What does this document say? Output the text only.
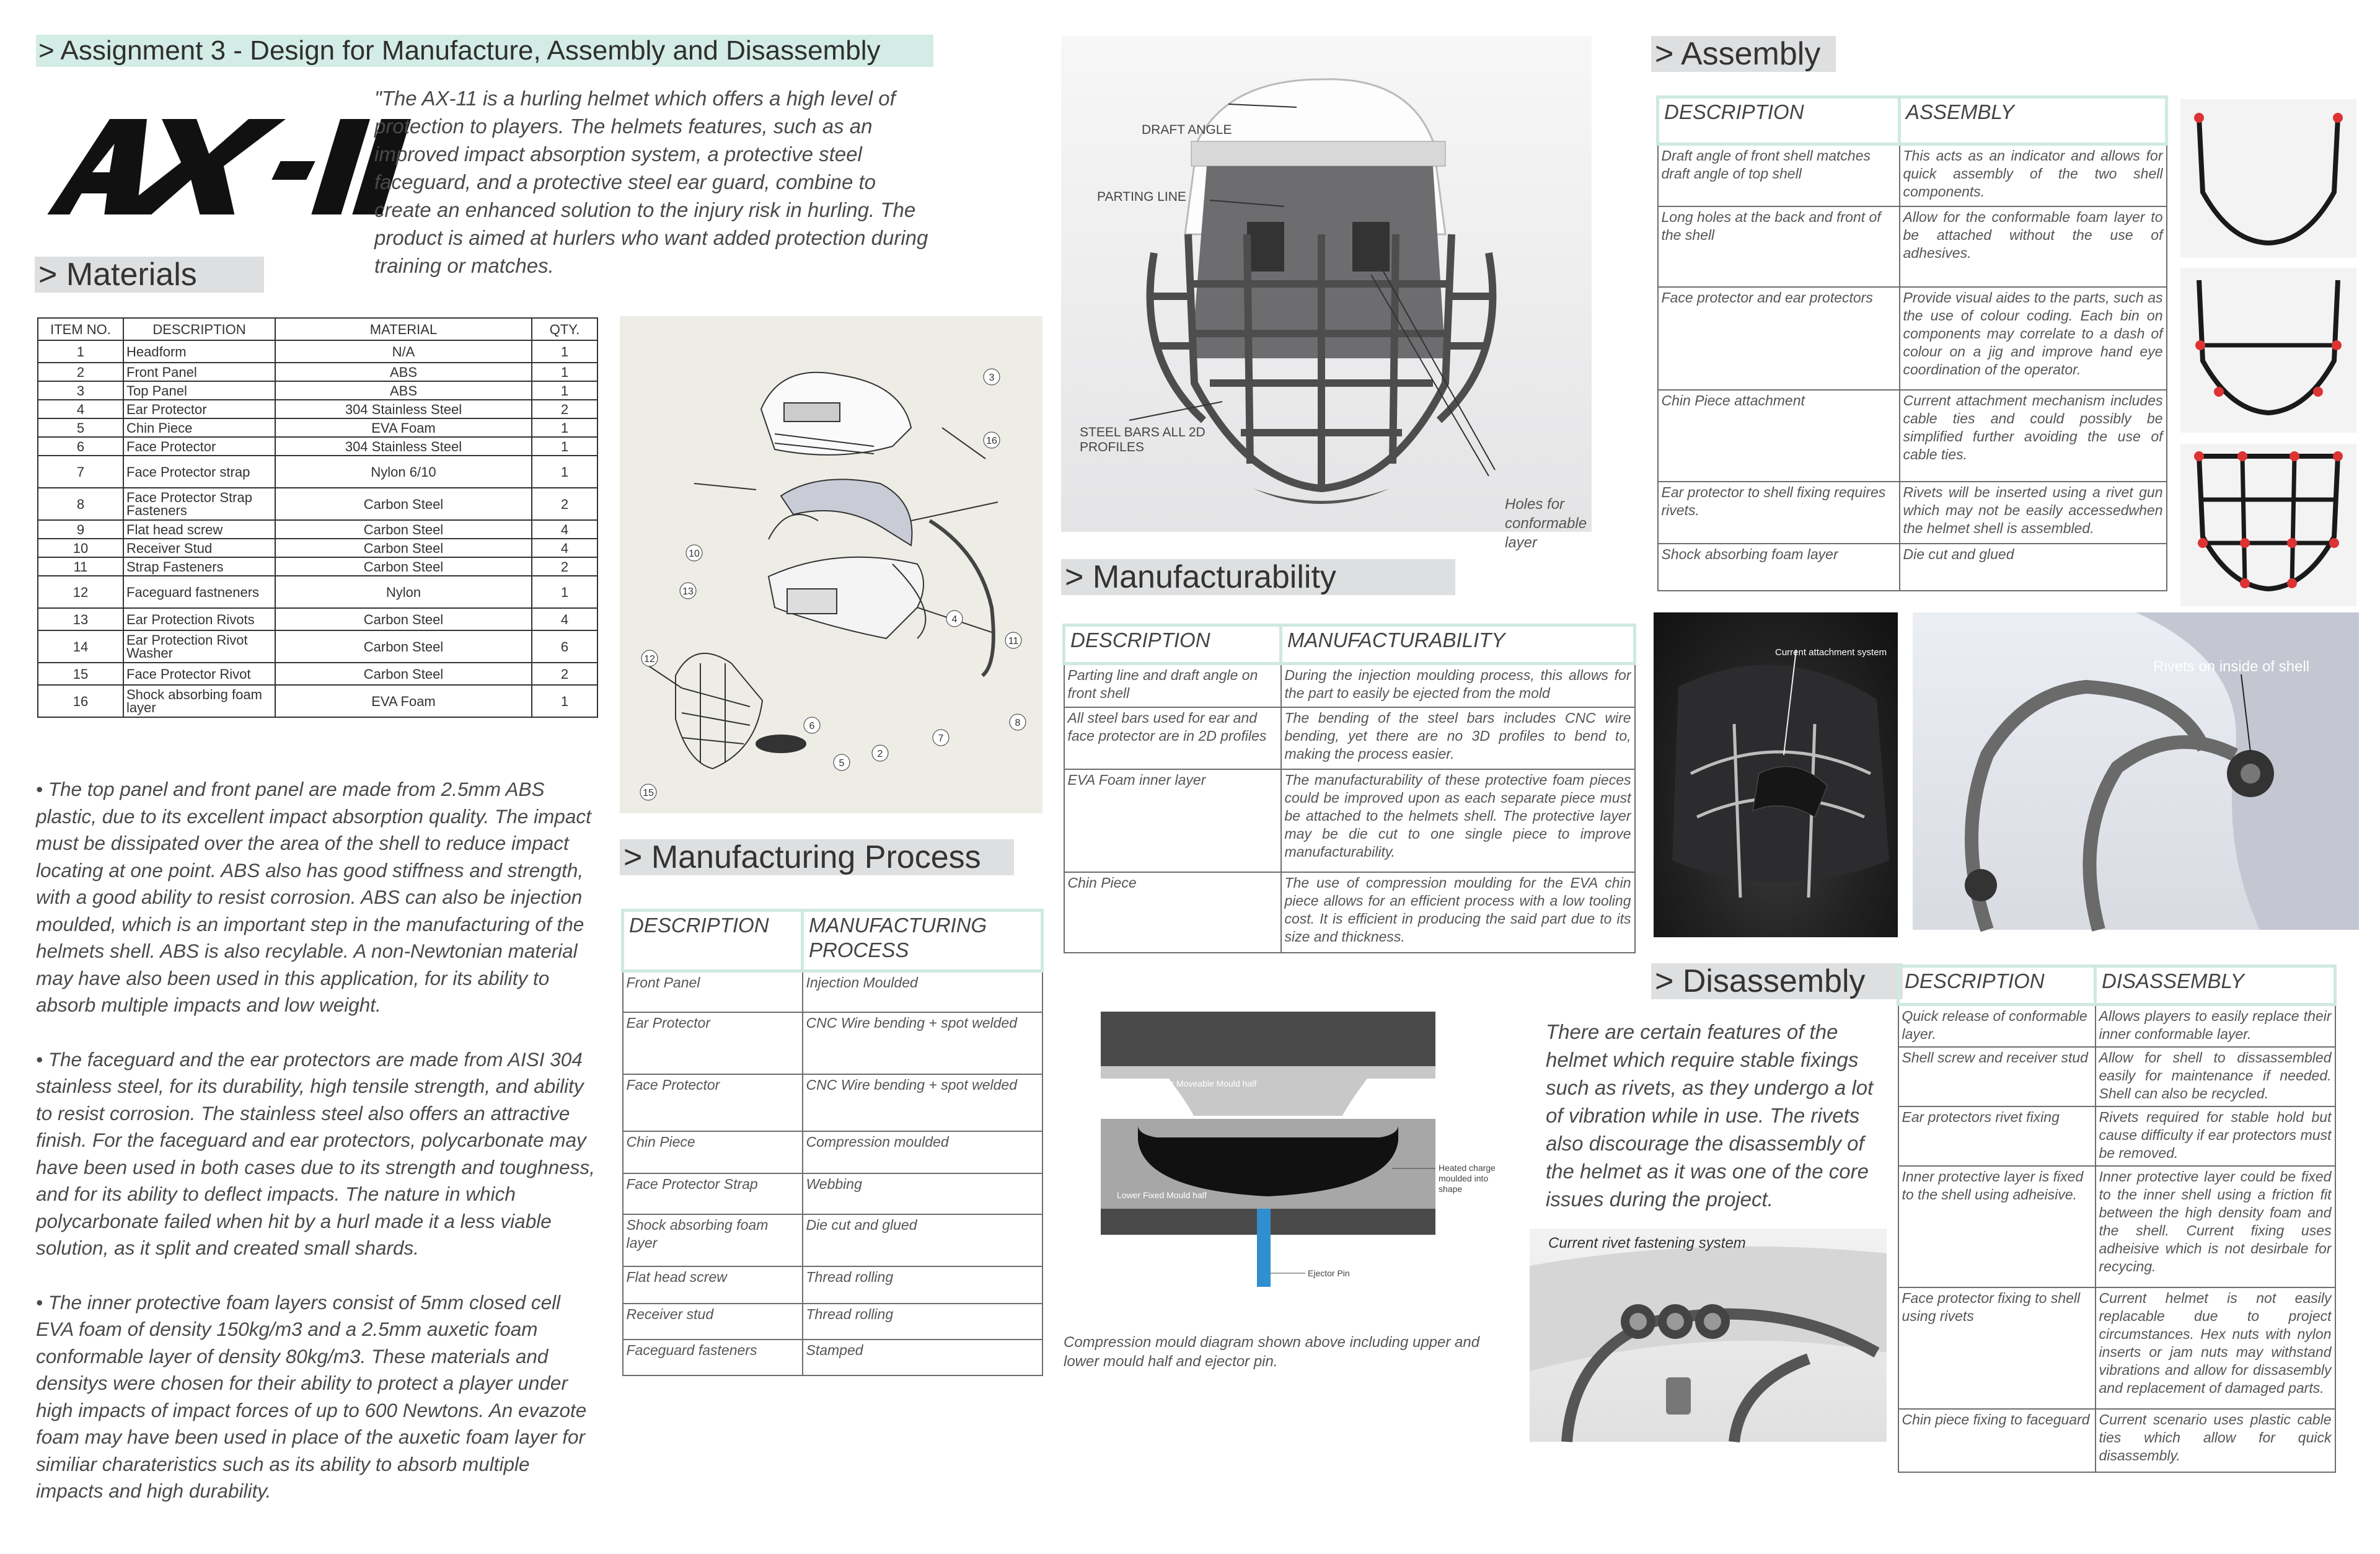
> Assignment 3 - Design for Manufacture, Assembly and Disassembly
"The AX-11 is a hurling helmet which offers a high level of protection to players. The helmets features, such as an improved impact absorption system, a protective steel faceguard, and a protective steel ear guard, combine to create an enhanced solution to the injury risk in hurling. The product is aimed at hurlers who want added protection during training or matches.
> Materials
ITEM NO.	DESCRIPTION	MATERIAL	QTY.
1	Headform	N/A	1
2	Front Panel	ABS	1
3	Top Panel	ABS	1
4	Ear Protector	304 Stainless Steel	2
5	Chin Piece	EVA Foam	1
6	Face Protector	304 Stainless Steel	1
7	Face Protector strap	Nylon 6/10	1
8	Face Protector Strap Fasteners	Carbon Steel	2
9	Flat head screw	Carbon Steel	4
10	Receiver Stud	Carbon Steel	4
11	Strap Fasteners	Carbon Steel	2
12	Faceguard fastneners	Nylon	1
13	Ear Protection Rivots	Carbon Steel	4
14	Ear Protection Rivot Washer	Carbon Steel	6
15	Face Protector Rivot	Carbon Steel	2
16	Shock absorbing foam layer	EVA Foam	1

• The top panel and front panel are made from 2.5mm ABS plastic, due to its excellent impact absorption quality. The impact must be dissipated over the area of the shell to reduce impact locating at one point. ABS also has good stiffness and strength, with a good ability to resist corrosion. ABS can also be injection moulded, which is an important step in the manufacturing of the helmets shell. ABS is also recylable. A non-Newtonian material may have also been used in this application, for its ability to absorb multiple impacts and low weight.

• The faceguard and the ear protectors are made from AISI 304 stainless steel, for its durability, high tensile strength, and ability to resist corrosion. The stainless steel also offers an attractive finish. For the faceguard and ear protectors, polycarbonate may have been used in both cases due to its strength and toughness, and for its ability to deflect impacts. The nature in which polycarbonate failed when hit by a hurl made it a less viable solution, as it split and created small shards.

• The inner protective foam layers consist of 5mm closed cell EVA foam of density 150kg/m3 and a 2.5mm auxetic foam conformable layer of density 80kg/m3. These materials and densitys were chosen for their ability to protect a player under high impacts of impact forces of up to 600 Newtons. An evazote foam may have been used in place of the auxetic foam layer for similiar charateristics such as its ability to absorb multiple impacts and high durability.

3
16
10
13
12
15
4
11
7
8
6
5
2
> Manufacturing Process
DESCRIPTION	MANUFACTURING PROCESS
Front Panel	Injection Moulded
Ear Protector	CNC Wire bending + spot welded
Face Protector	CNC Wire bending + spot welded
Chin Piece	Compression moulded
Face Protector Strap	Webbing
Shock absorbing foam layer	Die cut and glued
Flat head screw	Thread rolling
Receiver stud	Thread rolling
Faceguard fasteners	Stamped
DRAFT ANGLE
PARTING LINE
STEEL BARS ALL 2D PROFILES
Holes for conformable layer
> Manufacturability
DESCRIPTION	MANUFACTURABILITY
Parting line and draft angle on front shell	During the injection moulding process, this allows for the part to easily be ejected from the mold
All steel bars used for ear and face protector are in 2D profiles	The bending of the steel bars includes CNC wire bending, yet there are no 3D profiles to bend to, making the process easier.
EVA Foam inner layer	The manufacturability of these protective foam pieces could be improved upon as each separate piece must be attached to the helmets shell. The protective layer may be die cut to one single piece to improve manufacturability.
Chin Piece	The use of compression moulding for the EVA chin piece allows for an efficient process with a low tooling cost. It is efficient in producing the said part due to its size and thickness.
Upper Moveable Mould half
Lower Fixed Mould half
Heated charge moulded into shape
Ejector Pin
Compression mould diagram shown above including upper and lower mould half and ejector pin.
> Assembly
DESCRIPTION	ASSEMBLY
Draft angle of front shell matches draft angle of top shell	This acts as an indicator and allows for quick assembly of the two shell components.
Long holes at the back and front of the shell	Allow for the conformable foam layer to be attached without the use of adhesives.
Face protector and ear protectors	Provide visual aides to the parts, such as the use of colour coding. Each bin on components may correlate to a dash of colour on a jig and improve hand eye coordination of the operator.
Chin Piece attachment	Current attachment mechanism includes cable ties and could possibly be simplified further avoiding the use of cable ties.
Ear protector to shell fixing requires rivets.	Rivets will be inserted using a rivet gun which may not be easily accessedwhen the helmet shell is assembled.
Shock absorbing foam layer	Die cut and glued
Current attachment system
Rivets on inside of shell
> Disassembly
There are certain features of the helmet which require stable fixings such as rivets, as they undergo a lot of vibration while in use. The rivets also discourage the disassembly of the helmet as it was one of the core issues during the project.
Current rivet fastening system
DESCRIPTION	DISASSEMBLY
Quick release of conformable layer.	Allows players to easily replace their inner conformable layer.
Shell screw and receiver stud	Allow for shell to dissassembled easily for maintenance if needed. Shell can also be recycled.
Ear protectors rivet fixing	Rivets required for stable hold but cause difficulty if ear protectors must be removed.
Inner protective layer is fixed to the shell using adheisive.	Inner protective layer could be fixed to the inner shell using a friction fit between the high density foam and the shell. Current fixing uses adheisive which is not desirbale for recycing.
Face protector fixing to shell using rivets	Current helmet is not easily replacable due to project circumstances. Hex nuts with nylon inserts or jam nuts may withstand vibrations and allow for dissasembly and replacement of damaged parts.
Chin piece fixing to faceguard	Current scenario uses plastic cable ties which allow for quick disassembly.
